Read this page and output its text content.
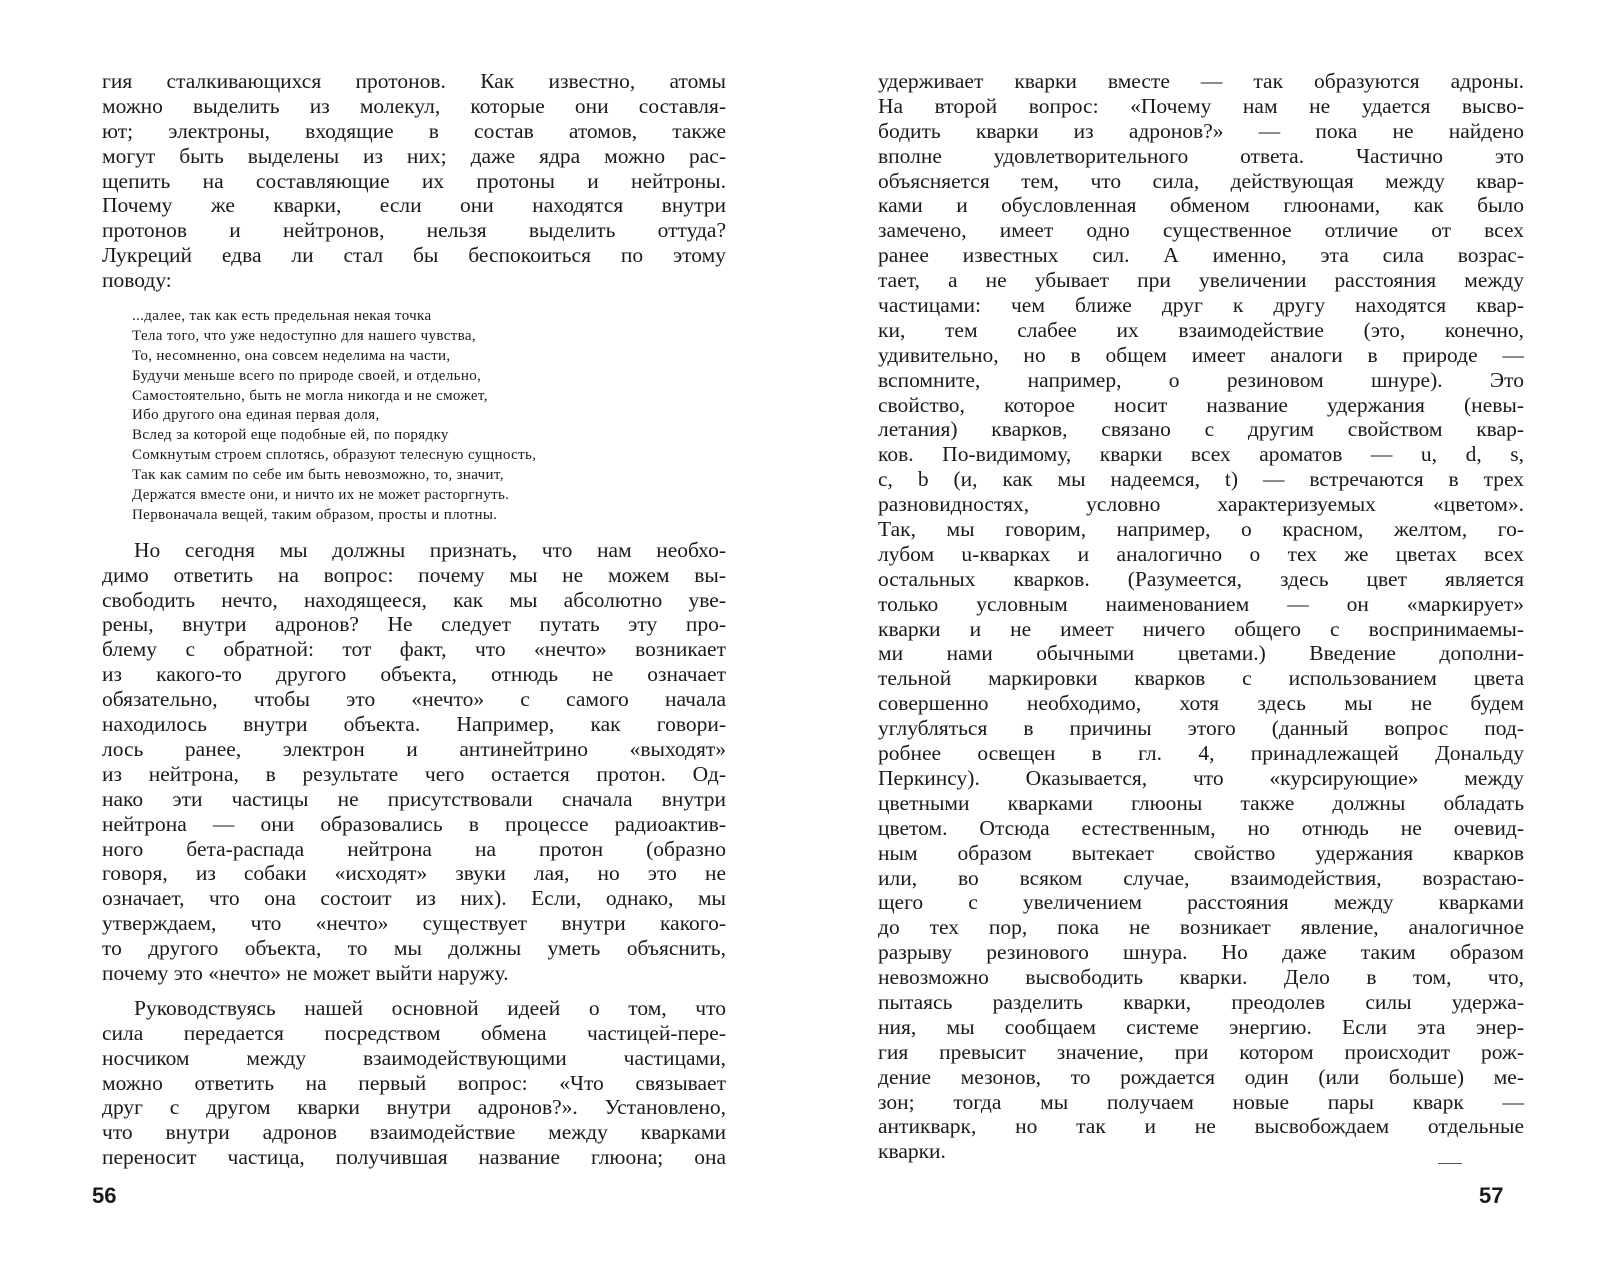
гия сталкивающихся протонов. Как известно, атомы
можно выделить из молекул, которые они составля-
ют; электроны, входящие в состав атомов, также
могут быть выделены из них; даже ядра можно рас-
щепить на составляющие их протоны и нейтроны.
Почему же кварки, если они находятся внутри
протонов и нейтронов, нельзя выделить оттуда?
Лукреций едва ли стал бы беспокоиться по этому
поводу:
...далее, так как есть предельная некая точка
Тела того, что уже недоступно для нашего чувства,
То, несомненно, она совсем неделима на части,
Будучи меньше всего по природе своей, и отдельно,
Самостоятельно, быть не могла никогда и не сможет,
Ибо другого она единая первая доля,
Вслед за которой еще подобные ей, по порядку
Сомкнутым строем сплотясь, образуют телесную сущность,
Так как самим по себе им быть невозможно, то, значит,
Держатся вместе они, и ничто их не может расторгнуть.
Первоначала вещей, таким образом, просты и плотны.
Но сегодня мы должны признать, что нам необхо-
димо ответить на вопрос: почему мы не можем вы-
свободить нечто, находящееся, как мы абсолютно уве-
рены, внутри адронов? Не следует путать эту про-
блему с обратной: тот факт, что «нечто» возникает
из какого-то другого объекта, отнюдь не означает
обязательно, чтобы это «нечто» с самого начала
находилось внутри объекта. Например, как говори-
лось ранее, электрон и антинейтрино «выходят»
из нейтрона, в результате чего остается протон. Од-
нако эти частицы не присутствовали сначала внутри
нейтрона — они образовались в процессе радиоактив-
ного бета-распада нейтрона на протон (образно
говоря, из собаки «исходят» звуки лая, но это не
означает, что она состоит из них). Если, однако, мы
утверждаем, что «нечто» существует внутри какого-
то другого объекта, то мы должны уметь объяснить,
почему это «нечто» не может выйти наружу.
Руководствуясь нашей основной идеей о том, что
сила передается посредством обмена частицей-пере-
носчиком между взаимодействующими частицами,
можно ответить на первый вопрос: «Что связывает
друг с другом кварки внутри адронов?». Установлено,
что внутри адронов взаимодействие между кварками
переносит частица, получившая название глюона; она
56
удерживает кварки вместе — так образуются адроны.
На второй вопрос: «Почему нам не удается высво-
бодить кварки из адронов?» — пока не найдено
вполне удовлетворительного ответа. Частично это
объясняется тем, что сила, действующая между квар-
ками и обусловленная обменом глюонами, как было
замечено, имеет одно существенное отличие от всех
ранее известных сил. А именно, эта сила возрас-
тает, а не убывает при увеличении расстояния между
частицами: чем ближе друг к другу находятся квар-
ки, тем слабее их взаимодействие (это, конечно,
удивительно, но в общем имеет аналоги в природе —
вспомните, например, о резиновом шнуре). Это
свойство, которое носит название удержания (невы-
летания) кварков, связано с другим свойством квар-
ков. По-видимому, кварки всех ароматов — u, d, s,
c, b (и, как мы надеемся, t) — встречаются в трех
разновидностях, условно характеризуемых «цветом».
Так, мы говорим, например, о красном, желтом, го-
лубом u-кварках и аналогично о тех же цветах всех
остальных кварков. (Разумеется, здесь цвет является
только условным наименованием — он «маркирует»
кварки и не имеет ничего общего с воспринимаемы-
ми нами обычными цветами.) Введение дополни-
тельной маркировки кварков с использованием цвета
совершенно необходимо, хотя здесь мы не будем
углубляться в причины этого (данный вопрос под-
робнее освещен в гл. 4, принадлежащей Дональду
Перкинсу). Оказывается, что «курсирующие» между
цветными кварками глюоны также должны обладать
цветом. Отсюда естественным, но отнюдь не очевид-
ным образом вытекает свойство удержания кварков
или, во всяком случае, взаимодействия, возрастаю-
щего с увеличением расстояния между кварками
до тех пор, пока не возникает явление, аналогичное
разрыву резинового шнура. Но даже таким образом
невозможно высвободить кварки. Дело в том, что,
пытаясь разделить кварки, преодолев силы удержа-
ния, мы сообщаем системе энергию. Если эта энер-
гия превысит значение, при котором происходит рож-
дение мезонов, то рождается один (или больше) ме-
зон; тогда мы получаем новые пары кварк —
антикварк, но так и не высвобождаем отдельные
кварки.
57
